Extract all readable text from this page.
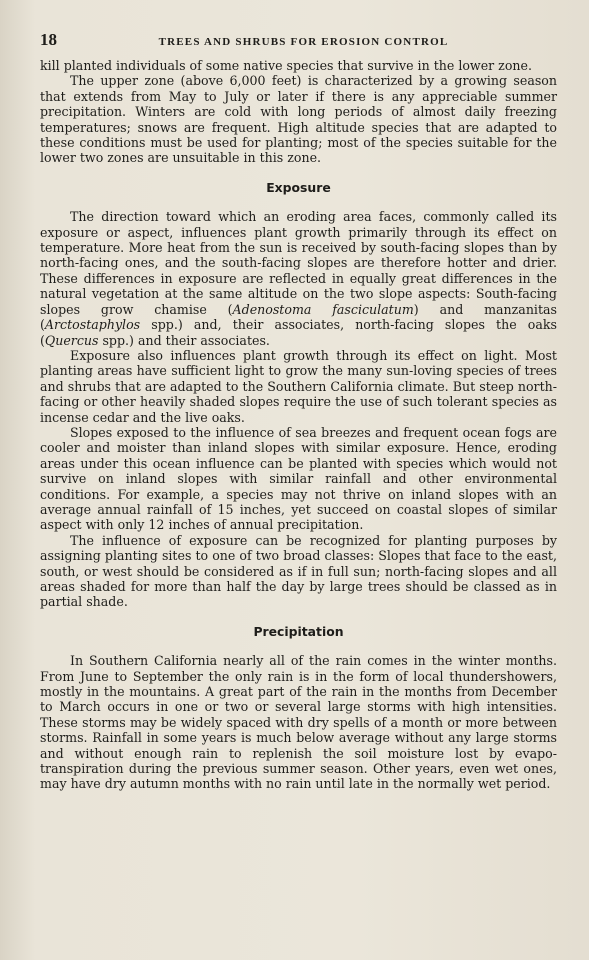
18	TREES AND SHRUBS FOR EROSION CONTROL

kill planted individuals of some native species that survive in the lower zone.

The upper zone (above 6,000 feet) is characterized by a growing season that extends from May to July or later if there is any appreciable summer precipitation. Winters are cold with long periods of almost daily freezing temperatures; snows are frequent. High altitude species that are adapted to these conditions must be used for planting; most of the species suitable for the lower two zones are unsuitable in this zone.

Exposure

The direction toward which an eroding area faces, commonly called its exposure or aspect, influences plant growth primarily through its effect on temperature. More heat from the sun is received by south-facing slopes than by north-facing ones, and the south-facing slopes are therefore hotter and drier. These differences in exposure are reflected in equally great differences in the natural vegetation at the same altitude on the two slope aspects: South-facing slopes grow chamise (Adenostoma fasciculatum) and manzanitas (Arctostaphylos spp.) and, their associates, north-facing slopes the oaks (Quercus spp.) and their associates.

Exposure also influences plant growth through its effect on light. Most planting areas have sufficient light to grow the many sun-loving species of trees and shrubs that are adapted to the Southern California climate. But steep north-facing or other heavily shaded slopes require the use of such tolerant species as incense cedar and the live oaks.

Slopes exposed to the influence of sea breezes and frequent ocean fogs are cooler and moister than inland slopes with similar exposure. Hence, eroding areas under this ocean influence can be planted with species which would not survive on inland slopes with similar rainfall and other environmental conditions. For example, a species may not thrive on inland slopes with an average annual rainfall of 15 inches, yet succeed on coastal slopes of similar aspect with only 12 inches of annual precipitation.

The influence of exposure can be recognized for planting purposes by assigning planting sites to one of two broad classes: Slopes that face to the east, south, or west should be considered as if in full sun; north-facing slopes and all areas shaded for more than half the day by large trees should be classed as in partial shade.

Precipitation

In Southern California nearly all of the rain comes in the winter months. From June to September the only rain is in the form of local thundershowers, mostly in the mountains. A great part of the rain in the months from December to March occurs in one or two or several large storms with high intensities. These storms may be widely spaced with dry spells of a month or more between storms. Rainfall in some years is much below average without any large storms and without enough rain to replenish the soil moisture lost by evapo-transpiration during the previous summer season. Other years, even wet ones, may have dry autumn months with no rain until late in the normally wet period.
